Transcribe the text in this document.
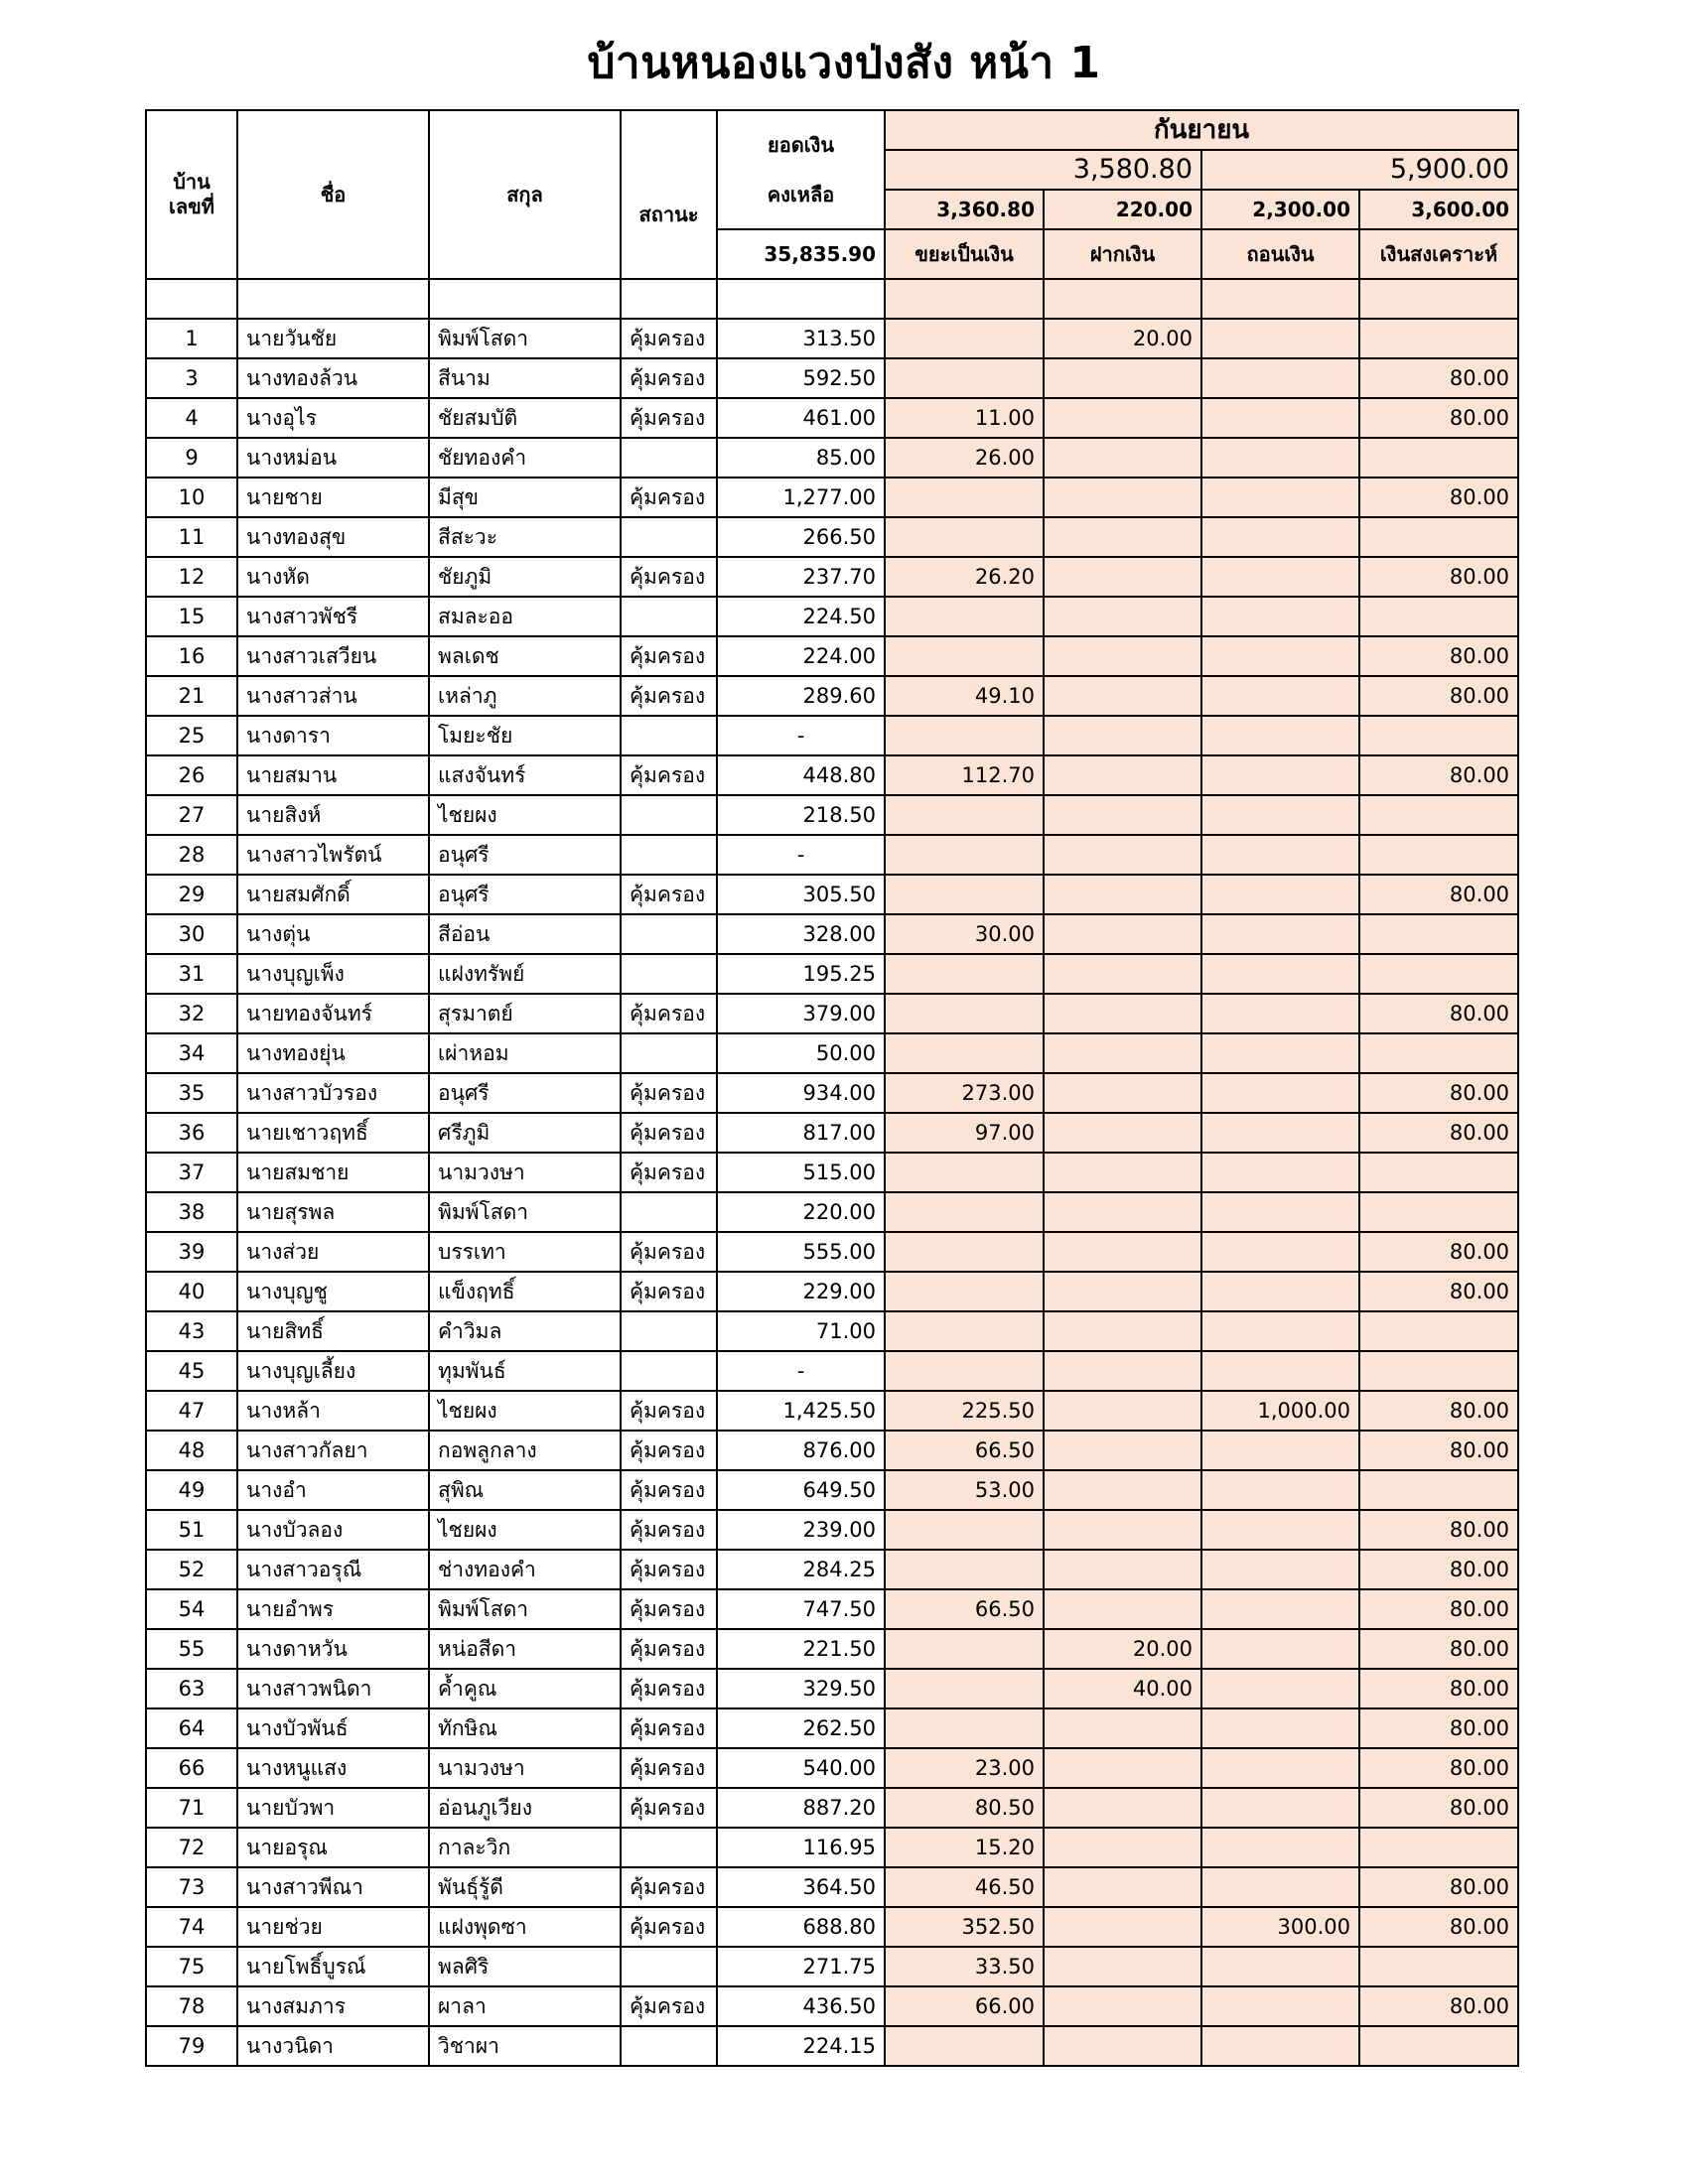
บ้านหนองแวงป่งสัง หน้า 1
บ้าน
เลขที่	ชื่อ	สกุล	สถานะ	ยอดเงิน

คงเหลือ	กันยายน			
					3,580.80		5,900.00	
					3,360.80	220.00	2,300.00	3,600.00
				35,835.90	ขยะเป็นเงิน	ฝากเงิน	ถอนเงิน	เงินสงเคราะห์

1	นายวันชัย	พิมพ์โสดา	คุ้มครอง	313.50		20.00		
3	นางทองล้วน	สีนาม	คุ้มครอง	592.50				80.00
4	นางอุไร	ชัยสมบัติ	คุ้มครอง	461.00	11.00			80.00
9	นางหม่อน	ชัยทองคำ		85.00	26.00			
10	นายชาย	มีสุข	คุ้มครอง	1,277.00				80.00
11	นางทองสุข	สีสะวะ		266.50				
12	นางหัด	ชัยภูมิ	คุ้มครอง	237.70	26.20			80.00
15	นางสาวพัชรี	สมละออ		224.50				
16	นางสาวเสวียน	พลเดช	คุ้มครอง	224.00				80.00
21	นางสาวส่าน	เหล่าภู	คุ้มครอง	289.60	49.10			80.00
25	นางดารา	โมยะชัย		-				
26	นายสมาน	แสงจันทร์	คุ้มครอง	448.80	112.70			80.00
27	นายสิงห์	ไชยผง		218.50				
28	นางสาวไพรัตน์	อนุศรี		-				
29	นายสมศักดิ์	อนุศรี	คุ้มครอง	305.50				80.00
30	นางตุ่น	สีอ่อน		328.00	30.00			
31	นางบุญเพ็ง	แฝงทรัพย์		195.25				
32	นายทองจันทร์	สุรมาตย์	คุ้มครอง	379.00				80.00
34	นางทองยุ่น	เผ่าหอม		50.00				
35	นางสาวบัวรอง	อนุศรี	คุ้มครอง	934.00	273.00			80.00
36	นายเชาวฤทธิ์	ศรีภูมิ	คุ้มครอง	817.00	97.00			80.00
37	นายสมชาย	นามวงษา	คุ้มครอง	515.00				
38	นายสุรพล	พิมพ์โสดา		220.00				
39	นางส่วย	บรรเทา	คุ้มครอง	555.00				80.00
40	นางบุญชู	แข็งฤทธิ์	คุ้มครอง	229.00				80.00
43	นายสิทธิ์	คำวิมล		71.00				
45	นางบุญเลี้ยง	ทุมพันธ์		-				
47	นางหล้า	ไชยผง	คุ้มครอง	1,425.50	225.50		1,000.00	80.00
48	นางสาวกัลยา	กอพลูกลาง	คุ้มครอง	876.00	66.50			80.00
49	นางอำ	สุพิณ	คุ้มครอง	649.50	53.00			
51	นางบัวลอง	ไชยผง	คุ้มครอง	239.00				80.00
52	นางสาวอรุณี	ช่างทองคำ	คุ้มครอง	284.25				80.00
54	นายอำพร	พิมพ์โสดา	คุ้มครอง	747.50	66.50			80.00
55	นางดาหวัน	หน่อสีดา	คุ้มครอง	221.50		20.00		80.00
63	นางสาวพนิดา	ค้ำคูณ	คุ้มครอง	329.50		40.00		80.00
64	นางบัวพันธ์	ทักษิณ	คุ้มครอง	262.50				80.00
66	นางหนูแสง	นามวงษา	คุ้มครอง	540.00	23.00			80.00
71	นายบัวพา	อ่อนภูเวียง	คุ้มครอง	887.20	80.50			80.00
72	นายอรุณ	กาละวิก		116.95	15.20			
73	นางสาวพีณา	พันธุ์รู้ดี	คุ้มครอง	364.50	46.50			80.00
74	นายช่วย	แฝงพุดซา	คุ้มครอง	688.80	352.50		300.00	80.00
75	นายโพธิ์บูรณ์	พลศิริ		271.75	33.50			
78	นางสมภาร	ผาลา	คุ้มครอง	436.50	66.00			80.00
79	นางวนิดา	วิชาผา		224.15				
